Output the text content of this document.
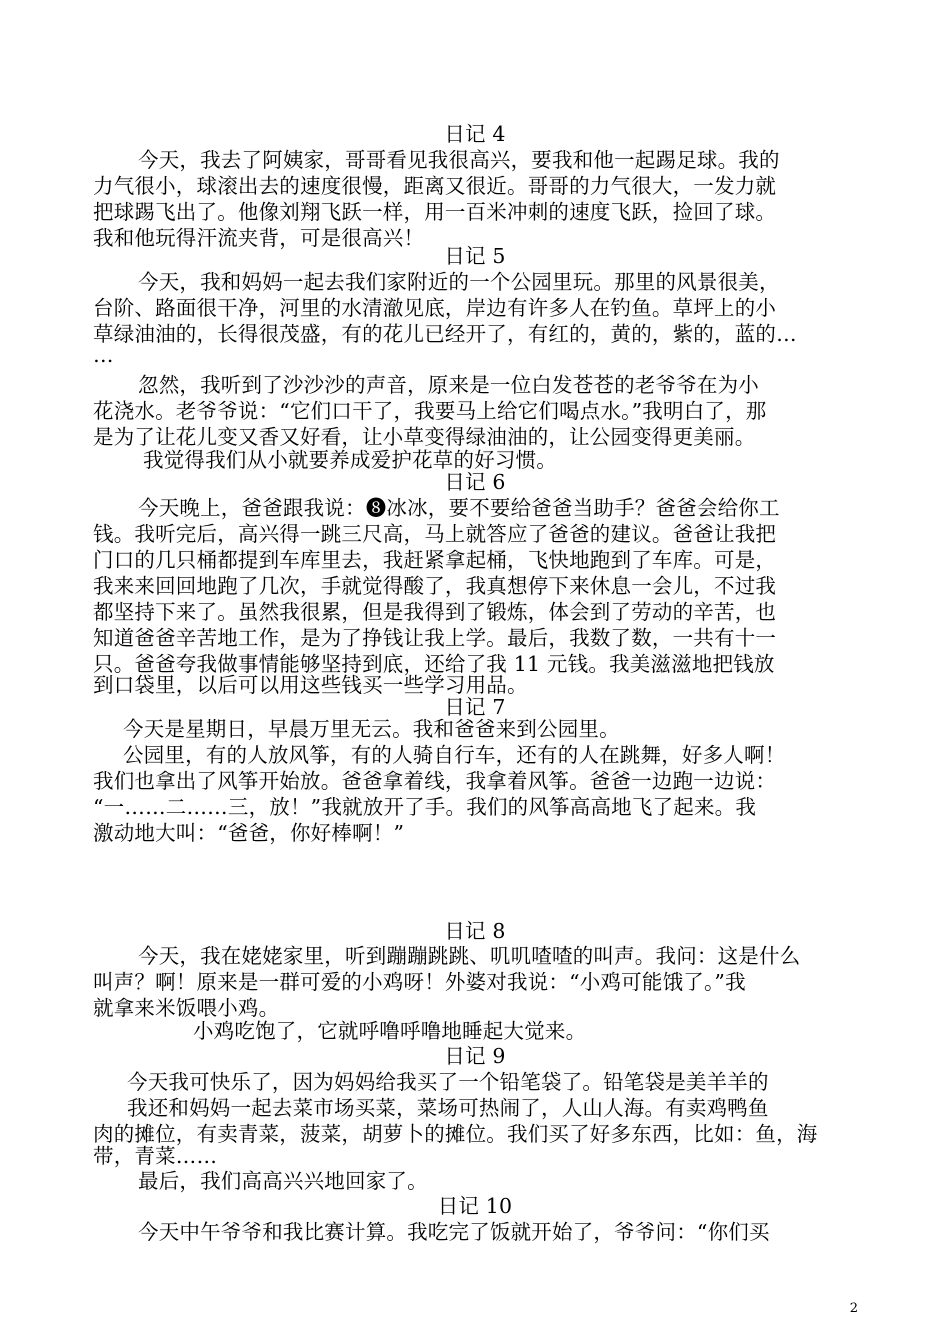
日记 4
今天，我去了阿姨家，哥哥看见我很高兴，要我和他一起踢足球。我的
力气很小，球滚出去的速度很慢，距离又很近。哥哥的力气很大，一发力就
把球踢飞出了。他像刘翔飞跃一样，用一百米冲刺的速度飞跃，捡回了球。
我和他玩得汗流夹背，可是很高兴！
日记 5
今天，我和妈妈一起去我们家附近的一个公园里玩。那里的风景很美，
台阶、路面很干净，河里的水清澈见底，岸边有许多人在钓鱼。草坪上的小
草绿油油的，长得很茂盛，有的花儿已经开了，有红的，黄的，紫的，蓝的…
…
忽然，我听到了沙沙沙的声音，原来是一位白发苍苍的老爷爷在为小
花浇水。老爷爷说：“它们口干了，我要马上给它们喝点水。”我明白了，那
是为了让花儿变又香又好看，让小草变得绿油油的，让公园变得更美丽。
我觉得我们从小就要养成爱护花草的好习惯。
日记 6
今天晚上，爸爸跟我说：❽冰冰，要不要给爸爸当助手？爸爸会给你工
钱。我听完后，高兴得一跳三尺高，马上就答应了爸爸的建议。爸爸让我把
门口的几只桶都提到车库里去，我赶紧拿起桶，飞快地跑到了车库。可是，
我来来回回地跑了几次，手就觉得酸了，我真想停下来休息一会儿，不过我
都坚持下来了。虽然我很累，但是我得到了锻炼，体会到了劳动的辛苦，也
知道爸爸辛苦地工作，是为了挣钱让我上学。最后，我数了数，一共有十一
只。爸爸夸我做事情能够坚持到底，还给了我 11 元钱。我美滋滋地把钱放
到口袋里，以后可以用这些钱买一些学习用品。
日记 7
今天是星期日，早晨万里无云。我和爸爸来到公园里。
公园里，有的人放风筝，有的人骑自行车，还有的人在跳舞，好多人啊！
我们也拿出了风筝开始放。爸爸拿着线，我拿着风筝。爸爸一边跑一边说：
“一……二……三，放！”我就放开了手。我们的风筝高高地飞了起来。我
激动地大叫：“爸爸，你好棒啊！”
日记 8
今天，我在姥姥家里，听到蹦蹦跳跳、叽叽喳喳的叫声。我问：这是什么
叫声？啊！原来是一群可爱的小鸡呀！外婆对我说：“小鸡可能饿了。”我
就拿来米饭喂小鸡。
小鸡吃饱了，它就呼噜呼噜地睡起大觉来。
日记 9
今天我可快乐了，因为妈妈给我买了一个铅笔袋了。铅笔袋是美羊羊的
我还和妈妈一起去菜市场买菜，菜场可热闹了，人山人海。有卖鸡鸭鱼
肉的摊位，有卖青菜，菠菜，胡萝卜的摊位。我们买了好多东西，比如：鱼，海
带，青菜……
最后，我们高高兴兴地回家了。
日记 10
今天中午爷爷和我比赛计算。我吃完了饭就开始了，爷爷问：“你们买
2
